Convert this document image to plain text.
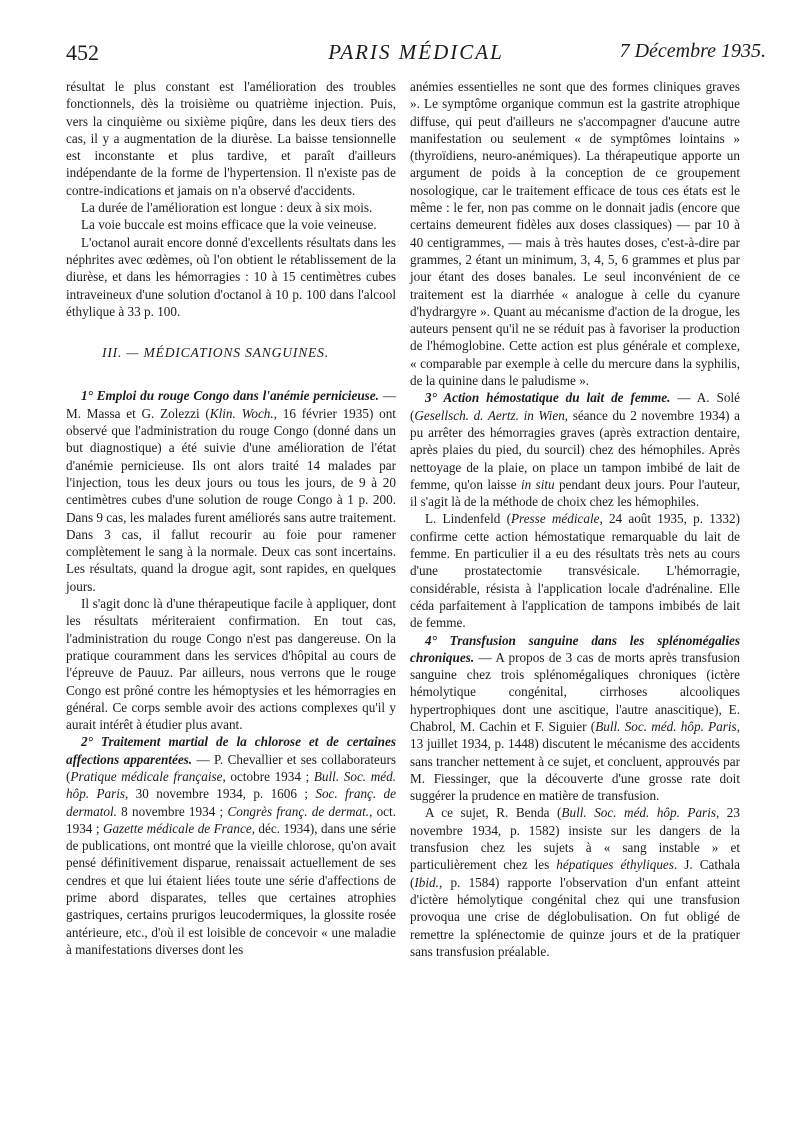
452	PARIS MÉDICAL	7 Décembre 1935.

résultat le plus constant est l'amélioration des troubles fonctionnels, dès la troisième ou quatrième injection. Puis, vers la cinquième ou sixième piqûre, dans les deux tiers des cas, il y a augmentation de la diurèse. La baisse tensionnelle est inconstante et plus tardive, et paraît d'ailleurs indépendante de la forme de l'hypertension. Il n'existe pas de contre-indications et jamais on n'a observé d'accidents.

La durée de l'amélioration est longue : deux à six mois.

La voie buccale est moins efficace que la voie veineuse.

L'octanol aurait encore donné d'excellents résultats dans les néphrites avec œdèmes, où l'on obtient le rétablissement de la diurèse, et dans les hémorragies : 10 à 15 centimètres cubes intraveineux d'une solution d'octanol à 10 p. 100 dans l'alcool éthylique à 33 p. 100.

III. — MÉDICATIONS SANGUINES.

1° Emploi du rouge Congo dans l'anémie pernicieuse. — M. Massa et G. Zolezzi (Klin. Woch., 16 février 1935) ont observé que l'administration du rouge Congo (donné dans un but diagnostique) a été suivie d'une amélioration de l'état d'anémie pernicieuse. Ils ont alors traité 14 malades par l'injection, tous les deux jours ou tous les jours, de 9 à 20 centimètres cubes d'une solution de rouge Congo à 1 p. 200. Dans 9 cas, les malades furent améliorés sans autre traitement. Dans 3 cas, il fallut recourir au foie pour ramener complètement le sang à la normale. Deux cas sont incertains. Les résultats, quand la drogue agit, sont rapides, en quelques jours.

Il s'agit donc là d'une thérapeutique facile à appliquer, dont les résultats mériteraient confirmation. En tout cas, l'administration du rouge Congo n'est pas dangereuse. On la pratique couramment dans les services d'hôpital au cours de l'épreuve de Pauuz. Par ailleurs, nous verrons que le rouge Congo est prôné contre les hémoptysies et les hémorragies en général. Ce corps semble avoir des actions complexes qu'il y aurait intérêt à étudier plus avant.

2° Traitement martial de la chlorose et de certaines affections apparentées. — P. Chevallier et ses collaborateurs (Pratique médicale française, octobre 1934 ; Bull. Soc. méd. hôp. Paris, 30 novembre 1934, p. 1606 ; Soc. franç. de dermatol. 8 novembre 1934 ; Congrès franç. de dermat., oct. 1934 ; Gazette médicale de France, déc. 1934), dans une série de publications, ont montré que la vieille chlorose, qu'on avait pensé définitivement disparue, renaissait actuellement de ses cendres et que lui étaient liées toute une série d'affections de prime abord disparates, telles que certaines atrophies gastriques, certains prurigos leucodermiques, la glossite rosée antérieure, etc., d'où il est loisible de concevoir « une maladie à manifestations diverses dont les

anémies essentielles ne sont que des formes cliniques graves ». Le symptôme organique commun est la gastrite atrophique diffuse, qui peut d'ailleurs ne s'accompagner d'aucune autre manifestation ou seulement « de symptômes lointains » (thyroïdiens, neuro-anémiques). La thérapeutique apporte un argument de poids à la conception de ce groupement nosologique, car le traitement efficace de tous ces états est le même : le fer, non pas comme on le donnait jadis (encore que certains demeurent fidèles aux doses classiques) — par 10 à 40 centigrammes, — mais à très hautes doses, c'est-à-dire par grammes, 2 étant un minimum, 3, 4, 5, 6 grammes et plus par jour étant des doses banales. Le seul inconvénient de ce traitement est la diarrhée « analogue à celle du cyanure d'hydrargyre ». Quant au mécanisme d'action de la drogue, les auteurs pensent qu'il ne se réduit pas à favoriser la production de l'hémoglobine. Cette action est plus générale et complexe, « comparable par exemple à celle du mercure dans la syphilis, de la quinine dans le paludisme ».

3° Action hémostatique du lait de femme. — A. Solé (Gesellsch. d. Aertz. in Wien, séance du 2 novembre 1934) a pu arrêter des hémorragies graves (après extraction dentaire, après plaies du pied, du sourcil) chez des hémophiles. Après nettoyage de la plaie, on place un tampon imbibé de lait de femme, qu'on laisse in situ pendant deux jours. Pour l'auteur, il s'agit là de la méthode de choix chez les hémophiles.

L. Lindenfeld (Presse médicale, 24 août 1935, p. 1332) confirme cette action hémostatique remarquable du lait de femme. En particulier il a eu des résultats très nets au cours d'une prostatectomie transvésicale. L'hémorragie, considérable, résista à l'application locale d'adrénaline. Elle céda parfaitement à l'application de tampons imbibés de lait de femme.

4° Transfusion sanguine dans les splénomégalies chroniques. — A propos de 3 cas de morts après transfusion sanguine chez trois splénomégaliques chroniques (ictère hémolytique congénital, cirrhoses alcooliques hypertrophiques dont une ascitique, l'autre anascitique), E. Chabrol, M. Cachin et F. Siguier (Bull. Soc. méd. hôp. Paris, 13 juillet 1934, p. 1448) discutent le mécanisme des accidents sans trancher nettement à ce sujet, et concluent, approuvés par M. Fiessinger, que la découverte d'une grosse rate doit suggérer la prudence en matière de transfusion.

A ce sujet, R. Benda (Bull. Soc. méd. hôp. Paris, 23 novembre 1934, p. 1582) insiste sur les dangers de la transfusion chez les sujets à « sang instable » et particulièrement chez les hépatiques éthyliques. J. Cathala (Ibid., p. 1584) rapporte l'observation d'un enfant atteint d'ictère hémolytique congénital chez qui une transfusion provoqua une crise de déglobulisation. On fut obligé de remettre la splénectomie de quinze jours et de la pratiquer sans transfusion préalable.
